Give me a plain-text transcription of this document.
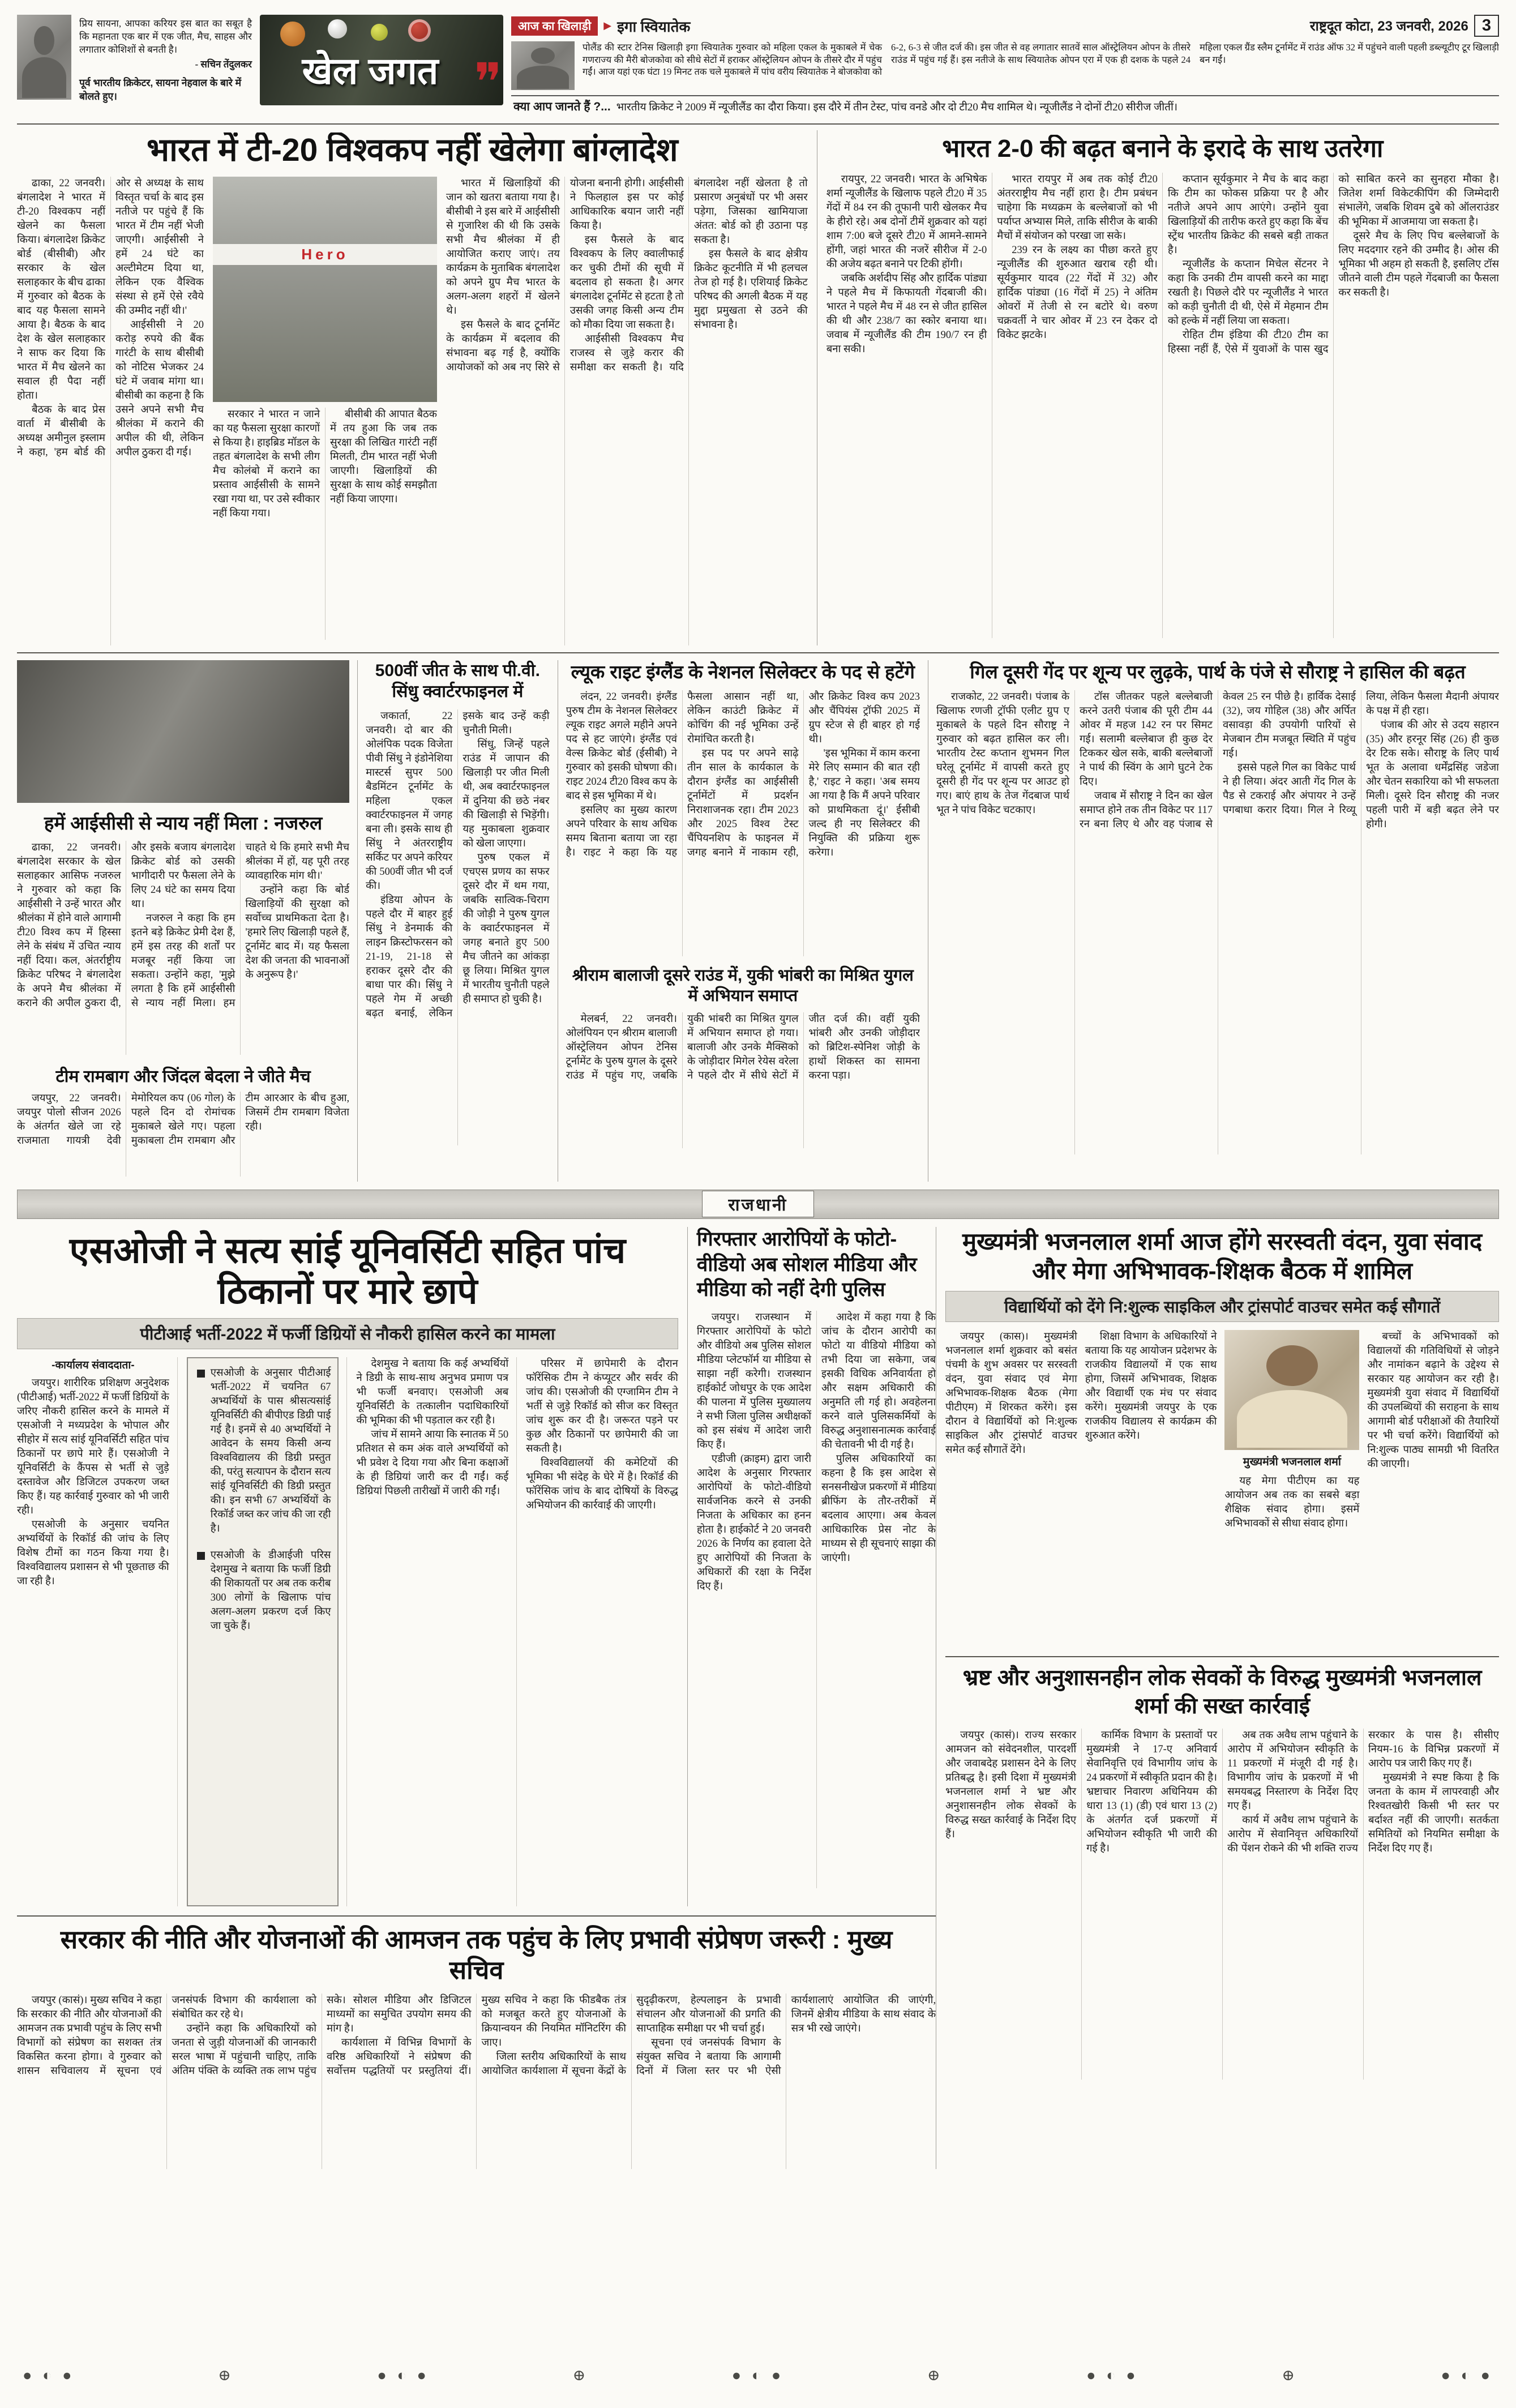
प्रिय सायना, आपका करियर इस बात का सबूत है कि महानता एक बार में एक जीत, मैच, साहस और लगातार कोशिशों से बनती है।

- सचिन तेंदुलकर

पूर्व भारतीय क्रिकेटर, सायना नेहवाल के बारे में बोलते हुए।

खेल जगत ❞
आज का खिलाड़ी	▶ इगा स्वियातेक	राष्ट्रदूत कोटा, 23 जनवरी, 2026 3
पोलैंड की स्टार टेनिस खिलाड़ी इगा स्वियातेक गुरुवार को महिला एकल के मुकाबले में चेक गणराज्य की मैरी बोजकोवा को सीधे सेटों में हराकर ऑस्ट्रेलियन ओपन के तीसरे दौर में पहुंच गईं। आज यहां एक घंटा 19 मिनट तक चले मुकाबले में पांच वरीय स्वियातेक ने बोजकोवा को 6-2, 6-3 से जीत दर्ज की। इस जीत से वह लगातार सातवें साल ऑस्ट्रेलियन ओपन के तीसरे राउंड में पहुंच गई हैं। इस नतीजे के साथ स्वियातेक ओपन एरा में एक ही दशक के पहले 24 महिला एकल ग्रैंड स्लैम टूर्नामेंट में राउंड ऑफ 32 में पहुंचने वाली पहली डब्ल्यूटीए टूर खिलाड़ी बन गईं।
क्या आप जानते हैं ?... भारतीय क्रिकेट ने 2009 में न्यूजीलैंड का दौरा किया। इस दौरे में तीन टेस्ट, पांच वनडे और दो टी20 मैच शामिल थे। न्यूजीलैंड ने दोनों टी20 सीरीज जीतीं।
भारत में टी-20 विश्वकप नहीं खेलेगा बांग्लादेश

ढाका, 22 जनवरी। बंगलादेश ने भारत में टी-20 विश्वकप नहीं खेलने का फैसला किया। बंगलादेश क्रिकेट बोर्ड (बीसीबी) और सरकार के खेल सलाहकार के बीच ढाका में गुरुवार को बैठक के बाद यह फैसला सामने आया है। बैठक के बाद देश के खेल सलाहकार ने साफ कर दिया कि भारत में मैच खेलने का सवाल ही पैदा नहीं होता।

बैठक के बाद प्रेस वार्ता में बीसीबी के अध्यक्ष अमीनुल इस्लाम ने कहा, 'हम बोर्ड की ओर से अध्यक्ष के साथ विस्तृत चर्चा के बाद इस नतीजे पर पहुंचे हैं कि भारत में टीम नहीं भेजी जाएगी। आईसीसी ने हमें 24 घंटे का अल्टीमेटम दिया था, लेकिन एक वैश्विक संस्था से हमें ऐसे रवैये की उम्मीद नहीं थी।'

आईसीसी ने 20 करोड़ रुपये की बैंक गारंटी के साथ बीसीबी को नोटिस भेजकर 24 घंटे में जवाब मांगा था। बीसीबी का कहना है कि उसने अपने सभी मैच श्रीलंका में कराने की अपील की थी, लेकिन अपील ठुकरा दी गई।

Hero

सरकार ने भारत न जाने का यह फैसला सुरक्षा कारणों से किया है। हाइब्रिड मॉडल के तहत बंगलादेश के सभी लीग मैच कोलंबो में कराने का प्रस्ताव आईसीसी के सामने रखा गया था, पर उसे स्वीकार नहीं किया गया।

बीसीबी की आपात बैठक में तय हुआ कि जब तक सुरक्षा की लिखित गारंटी नहीं मिलती, टीम भारत नहीं भेजी जाएगी। खिलाड़ियों की सुरक्षा के साथ कोई समझौता नहीं किया जाएगा।

भारत में खिलाड़ियों की जान को खतरा बताया गया है। बीसीबी ने इस बारे में आईसीसी से गुजारिश की थी कि उसके सभी मैच श्रीलंका में ही आयोजित कराए जाएं। तय कार्यक्रम के मुताबिक बंगलादेश को अपने ग्रुप मैच भारत के अलग-अलग शहरों में खेलने थे।

इस फैसले के बाद टूर्नामेंट के कार्यक्रम में बदलाव की संभावना बढ़ गई है, क्योंकि आयोजकों को अब नए सिरे से योजना बनानी होगी। आईसीसी ने फिलहाल इस पर कोई आधिकारिक बयान जारी नहीं किया है।

इस फैसले के बाद विश्वकप के लिए क्वालीफाई कर चुकी टीमों की सूची में बदलाव हो सकता है। अगर बंगलादेश टूर्नामेंट से हटता है तो उसकी जगह किसी अन्य टीम को मौका दिया जा सकता है।

आईसीसी विश्वकप मैच राजस्व से जुड़े करार की समीक्षा कर सकती है। यदि बंगलादेश नहीं खेलता है तो प्रसारण अनुबंधों पर भी असर पड़ेगा, जिसका खामियाजा अंतत: बोर्ड को ही उठाना पड़ सकता है।

इस फैसले के बाद क्षेत्रीय क्रिकेट कूटनीति में भी हलचल तेज हो गई है। एशियाई क्रिकेट परिषद की अगली बैठक में यह मुद्दा प्रमुखता से उठने की संभावना है।

भारत 2-0 की बढ़त बनाने के इरादे के साथ उतरेगा

रायपुर, 22 जनवरी। भारत के अभिषेक शर्मा न्यूजीलैंड के खिलाफ पहले टी20 में 35 गेंदों में 84 रन की तूफानी पारी खेलकर मैच के हीरो रहे। अब दोनों टीमें शुक्रवार को यहां शाम 7:00 बजे दूसरे टी20 में आमने-सामने होंगी, जहां भारत की नजरें सीरीज में 2-0 की अजेय बढ़त बनाने पर टिकी होंगी।

जबकि अर्शदीप सिंह और हार्दिक पांड्या ने पहले मैच में किफायती गेंदबाजी की। भारत ने पहले मैच में 48 रन से जीत हासिल की थी और 238/7 का स्कोर बनाया था। जवाब में न्यूजीलैंड की टीम 190/7 रन ही बना सकी।

भारत रायपुर में अब तक कोई टी20 अंतरराष्ट्रीय मैच नहीं हारा है। टीम प्रबंधन चाहेगा कि मध्यक्रम के बल्लेबाजों को भी पर्याप्त अभ्यास मिले, ताकि सीरीज के बाकी मैचों में संयोजन को परखा जा सके।

239 रन के लक्ष्य का पीछा करते हुए न्यूजीलैंड की शुरुआत खराब रही थी। सूर्यकुमार यादव (22 गेंदों में 32) और हार्दिक पांड्या (16 गेंदों में 25) ने अंतिम ओवरों में तेजी से रन बटोरे थे। वरुण चक्रवर्ती ने चार ओवर में 23 रन देकर दो विकेट झटके।

कप्तान सूर्यकुमार ने मैच के बाद कहा कि टीम का फोकस प्रक्रिया पर है और नतीजे अपने आप आएंगे। उन्होंने युवा खिलाड़ियों की तारीफ करते हुए कहा कि बेंच स्ट्रेंथ भारतीय क्रिकेट की सबसे बड़ी ताकत है।

न्यूजीलैंड के कप्तान मिचेल सेंटनर ने कहा कि उनकी टीम वापसी करने का माद्दा रखती है। पिछले दौरे पर न्यूजीलैंड ने भारत को कड़ी चुनौती दी थी, ऐसे में मेहमान टीम को हल्के में नहीं लिया जा सकता।

रोहित टीम इंडिया की टी20 टीम का हिस्सा नहीं हैं, ऐसे में युवाओं के पास खुद को साबित करने का सुनहरा मौका है। जितेश शर्मा विकेटकीपिंग की जिम्मेदारी संभालेंगे, जबकि शिवम दुबे को ऑलराउंडर की भूमिका में आजमाया जा सकता है।

दूसरे मैच के लिए पिच बल्लेबाजों के लिए मददगार रहने की उम्मीद है। ओस की भूमिका भी अहम हो सकती है, इसलिए टॉस जीतने वाली टीम पहले गेंदबाजी का फैसला कर सकती है।

हमें आईसीसी से न्याय नहीं मिला : नजरुल

ढाका, 22 जनवरी। बंगलादेश सरकार के खेल सलाहकार आसिफ नजरुल ने गुरुवार को कहा कि आईसीसी ने उन्हें भारत और श्रीलंका में होने वाले आगामी टी20 विश्व कप में हिस्सा लेने के संबंध में उचित न्याय नहीं दिया। कल, अंतर्राष्ट्रीय क्रिकेट परिषद ने बंगलादेश के अपने मैच श्रीलंका में कराने की अपील ठुकरा दी, और इसके बजाय बंगलादेश क्रिकेट बोर्ड को उसकी भागीदारी पर फैसला लेने के लिए 24 घंटे का समय दिया था।

नजरुल ने कहा कि हम इतने बड़े क्रिकेट प्रेमी देश हैं, हमें इस तरह की शर्तों पर मजबूर नहीं किया जा सकता। उन्होंने कहा, 'मुझे लगता है कि हमें आईसीसी से न्याय नहीं मिला। हम चाहते थे कि हमारे सभी मैच श्रीलंका में हों, यह पूरी तरह व्यावहारिक मांग थी।'

उन्होंने कहा कि बोर्ड खिलाड़ियों की सुरक्षा को सर्वोच्च प्राथमिकता देता है। 'हमारे लिए खिलाड़ी पहले हैं, टूर्नामेंट बाद में। यह फैसला देश की जनता की भावनाओं के अनुरूप है।'

टीम रामबाग और जिंदल बेदला ने जीते मैच

जयपुर, 22 जनवरी। जयपुर पोलो सीजन 2026 के अंतर्गत खेले जा रहे राजमाता गायत्री देवी मेमोरियल कप (06 गोल) के पहले दिन दो रोमांचक मुकाबले खेले गए। पहला मुकाबला टीम रामबाग और टीम आरआर के बीच हुआ, जिसमें टीम रामबाग विजेता रही।

500वीं जीत के साथ पी.वी. सिंधु क्वार्टरफाइनल में

जकार्ता, 22 जनवरी। दो बार की ओलंपिक पदक विजेता पीवी सिंधु ने इंडोनेशिया मास्टर्स सुपर 500 बैडमिंटन टूर्नामेंट के महिला एकल क्वार्टरफाइनल में जगह बना ली। इसके साथ ही सिंधु ने अंतरराष्ट्रीय सर्किट पर अपने करियर की 500वीं जीत भी दर्ज की।

इंडिया ओपन के पहले दौर में बाहर हुई सिंधु ने डेनमार्क की लाइन क्रिस्टोफरसन को 21-19, 21-18 से हराकर दूसरे दौर की बाधा पार की। सिंधु ने पहले गेम में अच्छी बढ़त बनाई, लेकिन इसके बाद उन्हें कड़ी चुनौती मिली।

सिंधु, जिन्हें पहले राउंड में जापान की खिलाड़ी पर जीत मिली थी, अब क्वार्टरफाइनल में दुनिया की छठे नंबर की खिलाड़ी से भिड़ेंगी। यह मुकाबला शुक्रवार को खेला जाएगा।

पुरुष एकल में एचएस प्रणय का सफर दूसरे दौर में थम गया, जबकि सात्विक-चिराग की जोड़ी ने पुरुष युगल के क्वार्टरफाइनल में जगह बनाते हुए 500 मैच जीतने का आंकड़ा छू लिया। मिश्रित युगल में भारतीय चुनौती पहले ही समाप्त हो चुकी है।

ल्यूक राइट इंग्लैंड के नेशनल सिलेक्टर के पद से हटेंगे

लंदन, 22 जनवरी। इंग्लैंड पुरुष टीम के नेशनल सिलेक्टर ल्यूक राइट अगले महीने अपने पद से हट जाएंगे। इंग्लैंड एवं वेल्स क्रिकेट बोर्ड (ईसीबी) ने गुरुवार को इसकी घोषणा की। राइट 2024 टी20 विश्व कप के बाद से इस भूमिका में थे।

इसलिए का मुख्य कारण अपने परिवार के साथ अधिक समय बिताना बताया जा रहा है। राइट ने कहा कि यह फैसला आसान नहीं था, लेकिन काउंटी क्रिकेट में कोचिंग की नई भूमिका उन्हें रोमांचित करती है।

इस पद पर अपने साढ़े तीन साल के कार्यकाल के दौरान इंग्लैंड का आईसीसी टूर्नामेंटों में प्रदर्शन निराशाजनक रहा। टीम 2023 और 2025 विश्व टेस्ट चैंपियनशिप के फाइनल में जगह बनाने में नाकाम रही, और क्रिकेट विश्व कप 2023 और चैंपियंस ट्रॉफी 2025 में ग्रुप स्टेज से ही बाहर हो गई थी।

'इस भूमिका में काम करना मेरे लिए सम्मान की बात रही है,' राइट ने कहा। 'अब समय आ गया है कि मैं अपने परिवार को प्राथमिकता दूं।' ईसीबी जल्द ही नए सिलेक्टर की नियुक्ति की प्रक्रिया शुरू करेगा।

श्रीराम बालाजी दूसरे राउंड में, युकी भांबरी का मिश्रित युगल में अभियान समाप्त

मेलबर्न, 22 जनवरी। ओलंपियन एन श्रीराम बालाजी ऑस्ट्रेलियन ओपन टेनिस टूर्नामेंट के पुरुष युगल के दूसरे राउंड में पहुंच गए, जबकि युकी भांबरी का मिश्रित युगल में अभियान समाप्त हो गया। बालाजी और उनके मैक्सिको के जोड़ीदार मिगेल रेयेस वरेला ने पहले दौर में सीधे सेटों में जीत दर्ज की। वहीं युकी भांबरी और उनकी जोड़ीदार को ब्रिटिश-स्पेनिश जोड़ी के हाथों शिकस्त का सामना करना पड़ा।

गिल दूसरी गेंद पर शून्य पर लुढ़के, पार्थ के पंजे से सौराष्ट्र ने हासिल की बढ़त

राजकोट, 22 जनवरी। पंजाब के खिलाफ रणजी ट्रॉफी एलीट ग्रुप ए मुकाबले के पहले दिन सौराष्ट्र ने गुरुवार को बढ़त हासिल कर ली। भारतीय टेस्ट कप्तान शुभमन गिल घरेलू टूर्नामेंट में वापसी करते हुए दूसरी ही गेंद पर शून्य पर आउट हो गए। बाएं हाथ के तेज गेंदबाज पार्थ भूत ने पांच विकेट चटकाए।

टॉस जीतकर पहले बल्लेबाजी करने उतरी पंजाब की पूरी टीम 44 ओवर में महज 142 रन पर सिमट गई। सलामी बल्लेबाज ही कुछ देर टिककर खेल सके, बाकी बल्लेबाजों ने पार्थ की स्विंग के आगे घुटने टेक दिए।

जवाब में सौराष्ट्र ने दिन का खेल समाप्त होने तक तीन विकेट पर 117 रन बना लिए थे और वह पंजाब से केवल 25 रन पीछे है। हार्विक देसाई (32), जय गोहिल (38) और अर्पित वसावड़ा की उपयोगी पारियों से मेजबान टीम मजबूत स्थिति में पहुंच गई।

इससे पहले गिल का विकेट पार्थ ने ही लिया। अंदर आती गेंद गिल के पैड से टकराई और अंपायर ने उन्हें पगबाधा करार दिया। गिल ने रिव्यू लिया, लेकिन फैसला मैदानी अंपायर के पक्ष में ही रहा।

पंजाब की ओर से उदय सहारन (35) और हरनूर सिंह (26) ही कुछ देर टिक सके। सौराष्ट्र के लिए पार्थ भूत के अलावा धर्मेंद्रसिंह जडेजा और चेतन सकारिया को भी सफलता मिली। दूसरे दिन सौराष्ट्र की नजर पहली पारी में बड़ी बढ़त लेने पर होगी।

राजधानी
एसओजी ने सत्य सांई यूनिवर्सिटी सहित पांच ठिकानों पर मारे छापे
पीटीआई भर्ती-2022 में फर्जी डिग्रियों से नौकरी हासिल करने का मामला
-कार्यालय संवाददाता-

जयपुर। शारीरिक प्रशिक्षण अनुदेशक (पीटीआई) भर्ती-2022 में फर्जी डिग्रियों के जरिए नौकरी हासिल करने के मामले में एसओजी ने मध्यप्रदेश के भोपाल और सीहोर में सत्य सांई यूनिवर्सिटी सहित पांच ठिकानों पर छापे मारे हैं। एसओजी ने यूनिवर्सिटी के कैंपस से भर्ती से जुड़े दस्तावेज और डिजिटल उपकरण जब्त किए हैं। यह कार्रवाई गुरुवार को भी जारी रही।

एसओजी के अनुसार चयनित अभ्यर्थियों के रिकॉर्ड की जांच के लिए विशेष टीमों का गठन किया गया है। विश्वविद्यालय प्रशासन से भी पूछताछ की जा रही है।

एसओजी के अनुसार पीटीआई भर्ती-2022 में चयनित 67 अभ्यर्थियों के पास श्रीसत्यसांई यूनिवर्सिटी की बीपीएड डिग्री पाई गई है। इनमें से 40 अभ्यर्थियों ने आवेदन के समय किसी अन्य विश्वविद्यालय की डिग्री प्रस्तुत की, परंतु सत्यापन के दौरान सत्य सांई यूनिवर्सिटी की डिग्री प्रस्तुत की। इन सभी 67 अभ्यर्थियों के रिकॉर्ड जब्त कर जांच की जा रही है।
एसओजी के डीआईजी परिस देशमुख ने बताया कि फर्जी डिग्री की शिकायतों पर अब तक करीब 300 लोगों के खिलाफ पांच अलग-अलग प्रकरण दर्ज किए जा चुके हैं।

देशमुख ने बताया कि कई अभ्यर्थियों ने डिग्री के साथ-साथ अनुभव प्रमाण पत्र भी फर्जी बनवाए। एसओजी अब यूनिवर्सिटी के तत्कालीन पदाधिकारियों की भूमिका की भी पड़ताल कर रही है।

जांच में सामने आया कि स्नातक में 50 प्रतिशत से कम अंक वाले अभ्यर्थियों को भी प्रवेश दे दिया गया और बिना कक्षाओं के ही डिग्रियां जारी कर दी गईं। कई डिग्रियां पिछली तारीखों में जारी की गईं।

परिसर में छापेमारी के दौरान फॉरेंसिक टीम ने कंप्यूटर और सर्वर की जांच की। एसओजी की एग्जामिन टीम ने भर्ती से जुड़े रिकॉर्ड को सीज कर विस्तृत जांच शुरू कर दी है। जरूरत पड़ने पर कुछ और ठिकानों पर छापेमारी की जा सकती है।

विश्वविद्यालयों की कमेटियों की भूमिका भी संदेह के घेरे में है। रिकॉर्ड की फॉरेंसिक जांच के बाद दोषियों के विरुद्ध अभियोजन की कार्रवाई की जाएगी।

गिरफ्तार आरोपियों के फोटो-वीडियो अब सोशल मीडिया और मीडिया को नहीं देगी पुलिस

जयपुर। राजस्थान में गिरफ्तार आरोपियों के फोटो और वीडियो अब पुलिस सोशल मीडिया प्लेटफॉर्म या मीडिया से साझा नहीं करेगी। राजस्थान हाईकोर्ट जोधपुर के एक आदेश की पालना में पुलिस मुख्यालय ने सभी जिला पुलिस अधीक्षकों को इस संबंध में आदेश जारी किए हैं।

एडीजी (क्राइम) द्वारा जारी आदेश के अनुसार गिरफ्तार आरोपियों के फोटो-वीडियो सार्वजनिक करने से उनकी निजता के अधिकार का हनन होता है। हाईकोर्ट ने 20 जनवरी 2026 के निर्णय का हवाला देते हुए आरोपियों की निजता के अधिकारों की रक्षा के निर्देश दिए हैं।

आदेश में कहा गया है कि जांच के दौरान आरोपी का फोटो या वीडियो मीडिया को तभी दिया जा सकेगा, जब इसकी विधिक अनिवार्यता हो और सक्षम अधिकारी की अनुमति ली गई हो। अवहेलना करने वाले पुलिसकर्मियों के विरुद्ध अनुशासनात्मक कार्रवाई की चेतावनी भी दी गई है।

पुलिस अधिकारियों का कहना है कि इस आदेश से सनसनीखेज प्रकरणों में मीडिया ब्रीफिंग के तौर-तरीकों में बदलाव आएगा। अब केवल आधिकारिक प्रेस नोट के माध्यम से ही सूचनाएं साझा की जाएंगी।

सरकार की नीति और योजनाओं की आमजन तक पहुंच के लिए प्रभावी संप्रेषण जरूरी : मुख्य सचिव

जयपुर (कासं)। मुख्य सचिव ने कहा कि सरकार की नीति और योजनाओं की आमजन तक प्रभावी पहुंच के लिए सभी विभागों को संप्रेषण का सशक्त तंत्र विकसित करना होगा। वे गुरुवार को शासन सचिवालय में सूचना एवं जनसंपर्क विभाग की कार्यशाला को संबोधित कर रहे थे।

उन्होंने कहा कि अधिकारियों को जनता से जुड़ी योजनाओं की जानकारी सरल भाषा में पहुंचानी चाहिए, ताकि अंतिम पंक्ति के व्यक्ति तक लाभ पहुंच सके। सोशल मीडिया और डिजिटल माध्यमों का समुचित उपयोग समय की मांग है।

कार्यशाला में विभिन्न विभागों के वरिष्ठ अधिकारियों ने संप्रेषण की सर्वोत्तम पद्धतियों पर प्रस्तुतियां दीं। मुख्य सचिव ने कहा कि फीडबैक तंत्र को मजबूत करते हुए योजनाओं के क्रियान्वयन की नियमित मॉनिटरिंग की जाए।

जिला स्तरीय अधिकारियों के साथ आयोजित कार्यशाला में सूचना केंद्रों के सुदृढ़ीकरण, हेल्पलाइन के प्रभावी संचालन और योजनाओं की प्रगति की साप्ताहिक समीक्षा पर भी चर्चा हुई।

सूचना एवं जनसंपर्क विभाग के संयुक्त सचिव ने बताया कि आगामी दिनों में जिला स्तर पर भी ऐसी कार्यशालाएं आयोजित की जाएंगी, जिनमें क्षेत्रीय मीडिया के साथ संवाद के सत्र भी रखे जाएंगे।

मुख्यमंत्री भजनलाल शर्मा आज होंगे सरस्वती वंदन, युवा संवाद और मेगा अभिभावक-शिक्षक बैठक में शामिल
विद्यार्थियों को देंगे नि:शुल्क साइकिल और ट्रांसपोर्ट वाउचर समेत कई सौगातें

जयपुर (कास)। मुख्यमंत्री भजनलाल शर्मा शुक्रवार को बसंत पंचमी के शुभ अवसर पर सरस्वती वंदन, युवा संवाद एवं मेगा अभिभावक-शिक्षक बैठक (मेगा पीटीएम) में शिरकत करेंगे। इस दौरान वे विद्यार्थियों को नि:शुल्क साइकिल और ट्रांसपोर्ट वाउचर समेत कई सौगातें देंगे।

शिक्षा विभाग के अधिकारियों ने बताया कि यह आयोजन प्रदेशभर के राजकीय विद्यालयों में एक साथ होगा, जिसमें अभिभावक, शिक्षक और विद्यार्थी एक मंच पर संवाद करेंगे। मुख्यमंत्री जयपुर के एक राजकीय विद्यालय से कार्यक्रम की शुरुआत करेंगे।

मुख्यमंत्री भजनलाल शर्मा

यह मेगा पीटीएम का यह आयोजन अब तक का सबसे बड़ा शैक्षिक संवाद होगा। इसमें अभिभावकों से सीधा संवाद होगा।

बच्चों के अभिभावकों को विद्यालयों की गतिविधियों से जोड़ने और नामांकन बढ़ाने के उद्देश्य से सरकार यह आयोजन कर रही है। मुख्यमंत्री युवा संवाद में विद्यार्थियों की उपलब्धियों की सराहना के साथ आगामी बोर्ड परीक्षाओं की तैयारियों पर भी चर्चा करेंगे। विद्यार्थियों को नि:शुल्क पाठ्य सामग्री भी वितरित की जाएगी।

भ्रष्ट और अनुशासनहीन लोक सेवकों के विरुद्ध मुख्यमंत्री भजनलाल शर्मा की सख्त कार्रवाई

जयपुर (कासं)। राज्य सरकार आमजन को संवेदनशील, पारदर्शी और जवाबदेह प्रशासन देने के लिए प्रतिबद्ध है। इसी दिशा में मुख्यमंत्री भजनलाल शर्मा ने भ्रष्ट और अनुशासनहीन लोक सेवकों के विरुद्ध सख्त कार्रवाई के निर्देश दिए हैं।

कार्मिक विभाग के प्रस्तावों पर मुख्यमंत्री ने 17-ए अनिवार्य सेवानिवृत्ति एवं विभागीय जांच के 24 प्रकरणों में स्वीकृति प्रदान की है। भ्रष्टाचार निवारण अधिनियम की धारा 13 (1) (डी) एवं धारा 13 (2) के अंतर्गत दर्ज प्रकरणों में अभियोजन स्वीकृति भी जारी की गई है।

अब तक अवैध लाभ पहुंचाने के आरोप में अभियोजन स्वीकृति के 11 प्रकरणों में मंजूरी दी गई है। विभागीय जांच के प्रकरणों में भी समयबद्ध निस्तारण के निर्देश दिए गए हैं।

कार्य में अवैध लाभ पहुंचाने के आरोप में सेवानिवृत्त अधिकारियों की पेंशन रोकने की भी शक्ति राज्य सरकार के पास है। सीसीए नियम-16 के विभिन्न प्रकरणों में आरोप पत्र जारी किए गए हैं।

मुख्यमंत्री ने स्पष्ट किया है कि जनता के काम में लापरवाही और रिश्वतखोरी किसी भी स्तर पर बर्दाश्त नहीं की जाएगी। सतर्कता समितियों को नियमित समीक्षा के निर्देश दिए गए हैं।

● ◐ ●	⊕	● ◐ ●	⊕	● ◐ ●	⊕	● ◐ ●	⊕	● ◐ ●
